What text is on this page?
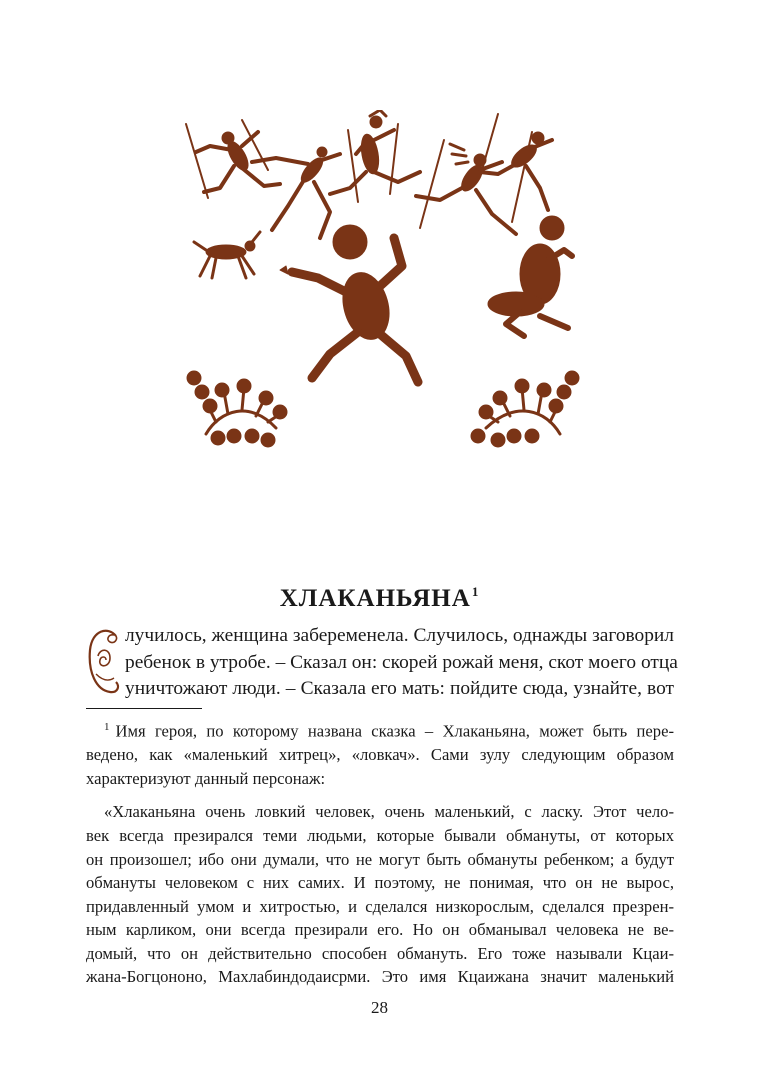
ХЛАКАНЬЯНА$^1$
лучилось, женщина забеременела. Случилось, однажды заговорил
ребенок в утробе. – Сказал он: скорей рожай меня, скот моего отца
уничтожают люди. – Сказала его мать: пойдите сюда, узнайте, вот
$^1$ Имя героя, по которому названа сказка – Хлаканьяна, может быть пере-
ведено, как «маленький хитрец», «ловкач». Сами зулу следующим образом
характеризуют данный персонаж:
«Хлаканьяна очень ловкий человек, очень маленький, с ласку. Этот чело-
век всегда презирался теми людьми, которые бывали обмануты, от которых
он произошел; ибо они думали, что не могут быть обмануты ребенком; а будут
обмануты человеком с них самих. И поэтому, не понимая, что он не вырос,
придавленный умом и хитростью, и сделался низкорослым, сделался презрен-
ным карликом, они всегда презирали его. Но он обманывал человека не ве-
домый, что он действительно способен обмануть. Его тоже называли Кцаи-
жана-Богцононо, Махлабиндодаисрми. Это имя Кцаижана значит маленький
28
